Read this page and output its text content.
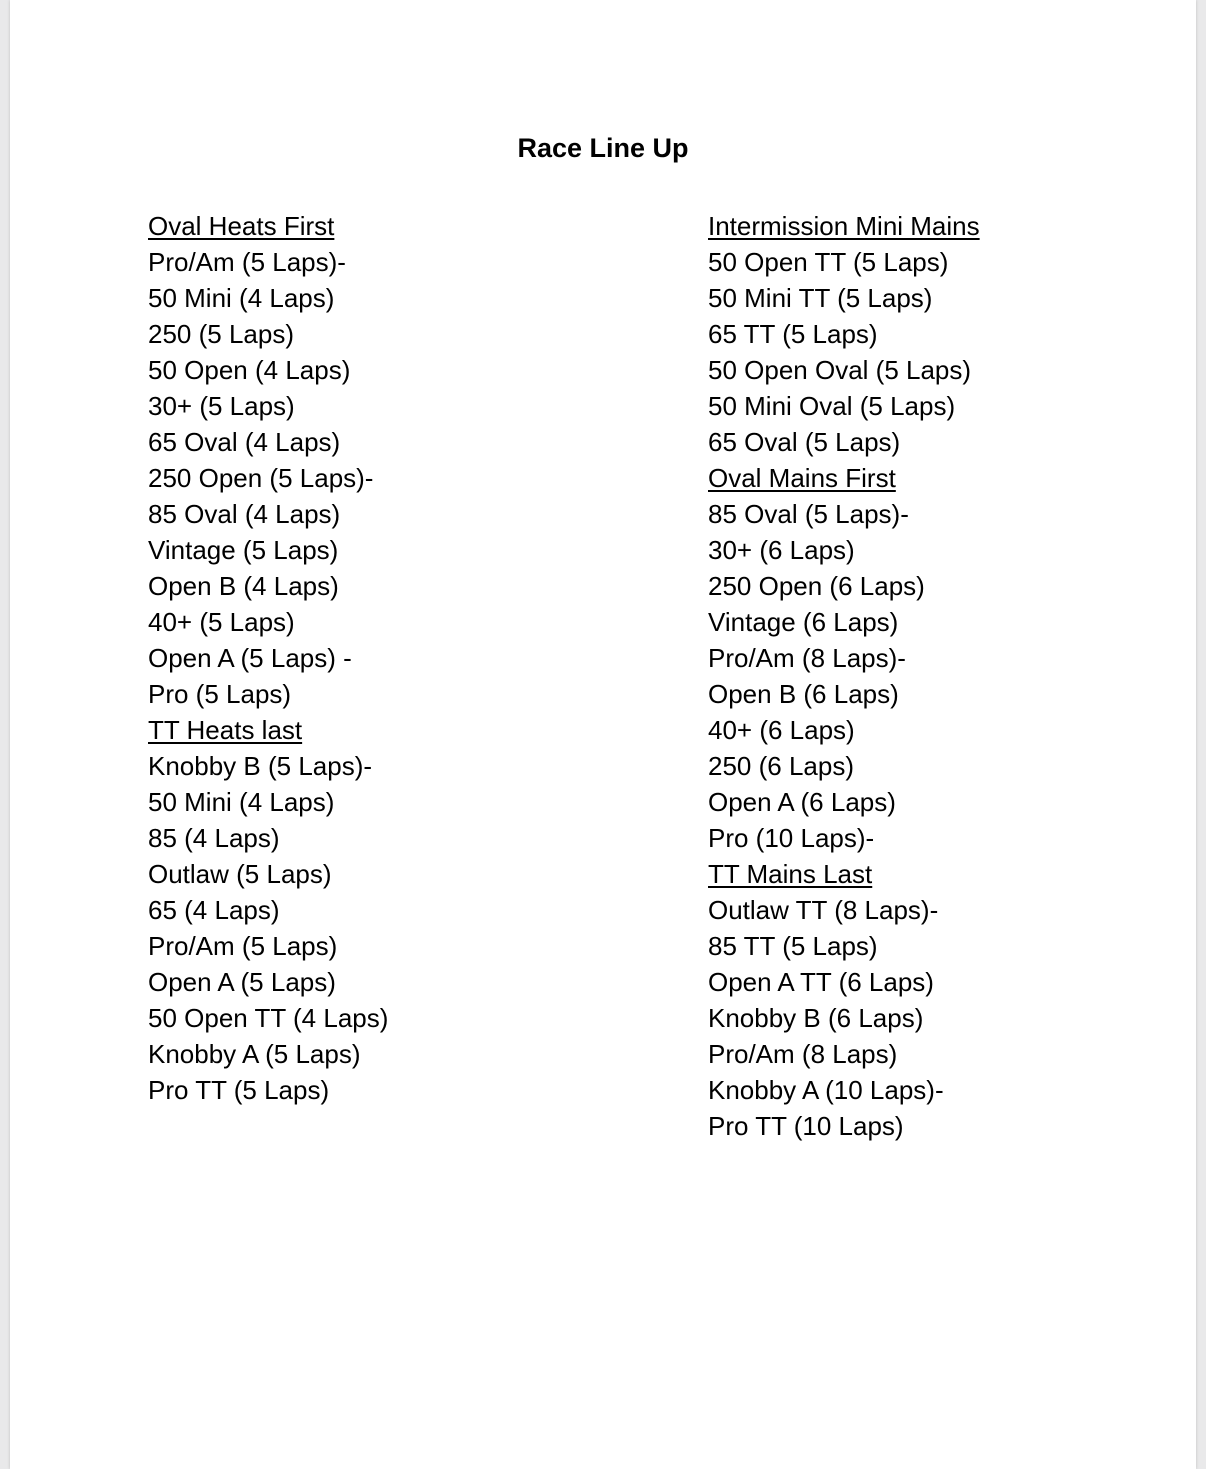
Race Line Up
Oval Heats First
Pro/Am (5 Laps)-
50 Mini (4 Laps)
250 (5 Laps)
50 Open (4 Laps)
30+ (5 Laps)
65 Oval (4 Laps)
250 Open (5 Laps)-
85 Oval (4 Laps)
Vintage (5 Laps)
Open B (4 Laps)
40+ (5 Laps)
Open A (5 Laps) -
Pro (5 Laps)
TT Heats last
Knobby B (5 Laps)-
50 Mini (4 Laps)
85 (4 Laps)
Outlaw (5 Laps)
65 (4 Laps)
Pro/Am (5 Laps)
Open A (5 Laps)
50 Open TT (4 Laps)
Knobby A (5 Laps)
Pro TT (5 Laps)
Intermission Mini Mains
50 Open TT (5 Laps)
50 Mini TT (5 Laps)
65 TT (5 Laps)
50 Open Oval (5 Laps)
50 Mini Oval (5 Laps)
65 Oval (5 Laps)
Oval Mains First
85 Oval (5 Laps)-
30+ (6 Laps)
250 Open (6 Laps)
Vintage (6 Laps)
Pro/Am (8 Laps)-
Open B (6 Laps)
40+ (6 Laps)
250 (6 Laps)
Open A (6 Laps)
Pro (10 Laps)-
TT Mains Last
Outlaw TT (8 Laps)-
85 TT (5 Laps)
Open A TT (6 Laps)
Knobby B (6 Laps)
Pro/Am (8 Laps)
Knobby A (10 Laps)-
Pro TT (10 Laps)
